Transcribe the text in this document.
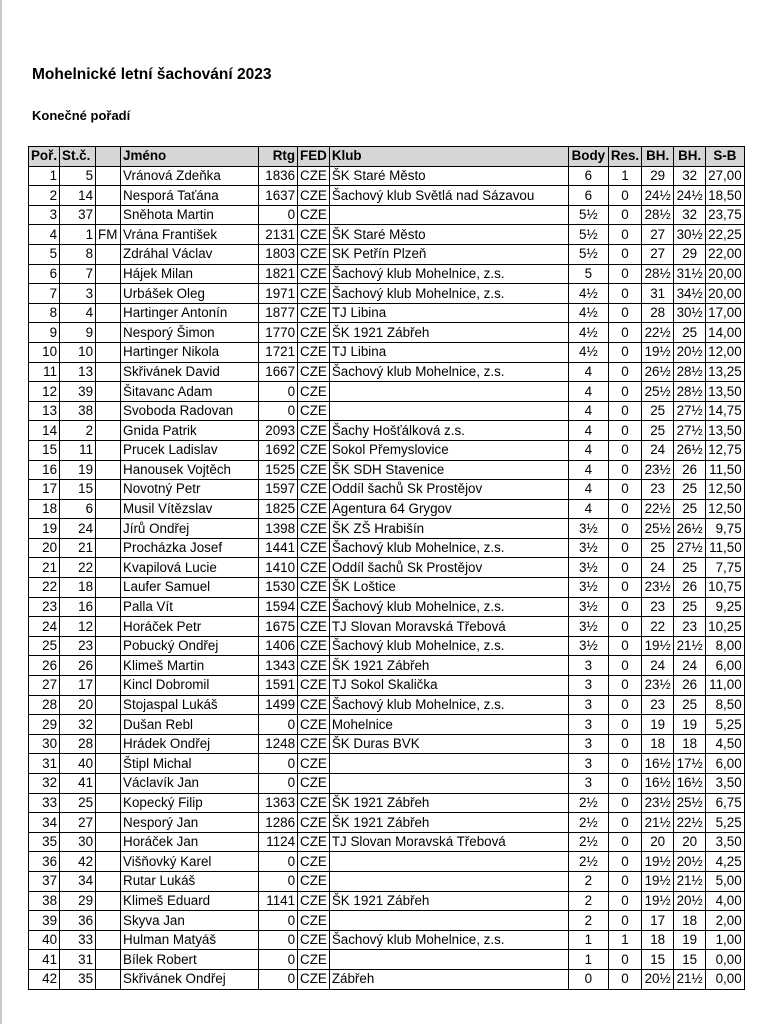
Mohelnické letní šachování 2023
Konečné pořadí
Poř.	St.č.		Jméno	Rtg	FED	Klub	Body	Res.	BH.	BH.	S-B
1	5		Vránová Zdeňka	1836	CZE	ŠK Staré Město	6	1	29	32	27,00
2	14		Nesporá Taťána	1637	CZE	Šachový klub Světlá nad Sázavou	6	0	24½	24½	18,50
3	37		Sněhota Martin	0	CZE		5½	0	28½	32	23,75
4	1	FM	Vrána František	2131	CZE	ŠK Staré Město	5½	0	27	30½	22,25
5	8		Zdráhal Václav	1803	CZE	SK Petřín Plzeň	5½	0	27	29	22,00
6	7		Hájek Milan	1821	CZE	Šachový klub Mohelnice, z.s.	5	0	28½	31½	20,00
7	3		Urbášek Oleg	1971	CZE	Šachový klub Mohelnice, z.s.	4½	0	31	34½	20,00
8	4		Hartinger Antonín	1877	CZE	TJ Libina	4½	0	28	30½	17,00
9	9		Nesporý Šimon	1770	CZE	ŠK 1921 Zábřeh	4½	0	22½	25	14,00
10	10		Hartinger Nikola	1721	CZE	TJ Libina	4½	0	19½	20½	12,00
11	13		Skřivánek David	1667	CZE	Šachový klub Mohelnice, z.s.	4	0	26½	28½	13,25
12	39		Šitavanc Adam	0	CZE		4	0	25½	28½	13,50
13	38		Svoboda Radovan	0	CZE		4	0	25	27½	14,75
14	2		Gnida Patrik	2093	CZE	Šachy Hošťálková z.s.	4	0	25	27½	13,50
15	11		Prucek Ladislav	1692	CZE	Sokol Přemyslovice	4	0	24	26½	12,75
16	19		Hanousek Vojtěch	1525	CZE	ŠK SDH Stavenice	4	0	23½	26	11,50
17	15		Novotný Petr	1597	CZE	Oddíl šachů Sk Prostějov	4	0	23	25	12,50
18	6		Musil Vítězslav	1825	CZE	Agentura 64 Grygov	4	0	22½	25	12,50
19	24		Jírů Ondřej	1398	CZE	ŠK ZŠ Hrabišín	3½	0	25½	26½	9,75
20	21		Procházka Josef	1441	CZE	Šachový klub Mohelnice, z.s.	3½	0	25	27½	11,50
21	22		Kvapilová Lucie	1410	CZE	Oddíl šachů Sk Prostějov	3½	0	24	25	7,75
22	18		Laufer Samuel	1530	CZE	ŠK Loštice	3½	0	23½	26	10,75
23	16		Palla Vít	1594	CZE	Šachový klub Mohelnice, z.s.	3½	0	23	25	9,25
24	12		Horáček Petr	1675	CZE	TJ Slovan Moravská Třebová	3½	0	22	23	10,25
25	23		Pobucký Ondřej	1406	CZE	Šachový klub Mohelnice, z.s.	3½	0	19½	21½	8,00
26	26		Klimeš Martin	1343	CZE	ŠK 1921 Zábřeh	3	0	24	24	6,00
27	17		Kincl Dobromil	1591	CZE	TJ Sokol Skalička	3	0	23½	26	11,00
28	20		Stojaspal Lukáš	1499	CZE	Šachový klub Mohelnice, z.s.	3	0	23	25	8,50
29	32		Dušan Rebl	0	CZE	Mohelnice	3	0	19	19	5,25
30	28		Hrádek Ondřej	1248	CZE	ŠK Duras BVK	3	0	18	18	4,50
31	40		Štipl Michal	0	CZE		3	0	16½	17½	6,00
32	41		Václavík Jan	0	CZE		3	0	16½	16½	3,50
33	25		Kopecký Filip	1363	CZE	ŠK 1921 Zábřeh	2½	0	23½	25½	6,75
34	27		Nesporý Jan	1286	CZE	ŠK 1921 Zábřeh	2½	0	21½	22½	5,25
35	30		Horáček Jan	1124	CZE	TJ Slovan Moravská Třebová	2½	0	20	20	3,50
36	42		Višňovký Karel	0	CZE		2½	0	19½	20½	4,25
37	34		Rutar Lukáš	0	CZE		2	0	19½	21½	5,00
38	29		Klimeš Eduard	1141	CZE	ŠK 1921 Zábřeh	2	0	19½	20½	4,00
39	36		Skyva Jan	0	CZE		2	0	17	18	2,00
40	33		Hulman Matyáš	0	CZE	Šachový klub Mohelnice, z.s.	1	1	18	19	1,00
41	31		Bílek Robert	0	CZE		1	0	15	15	0,00
42	35		Skřivánek Ondřej	0	CZE	Zábřeh	0	0	20½	21½	0,00
